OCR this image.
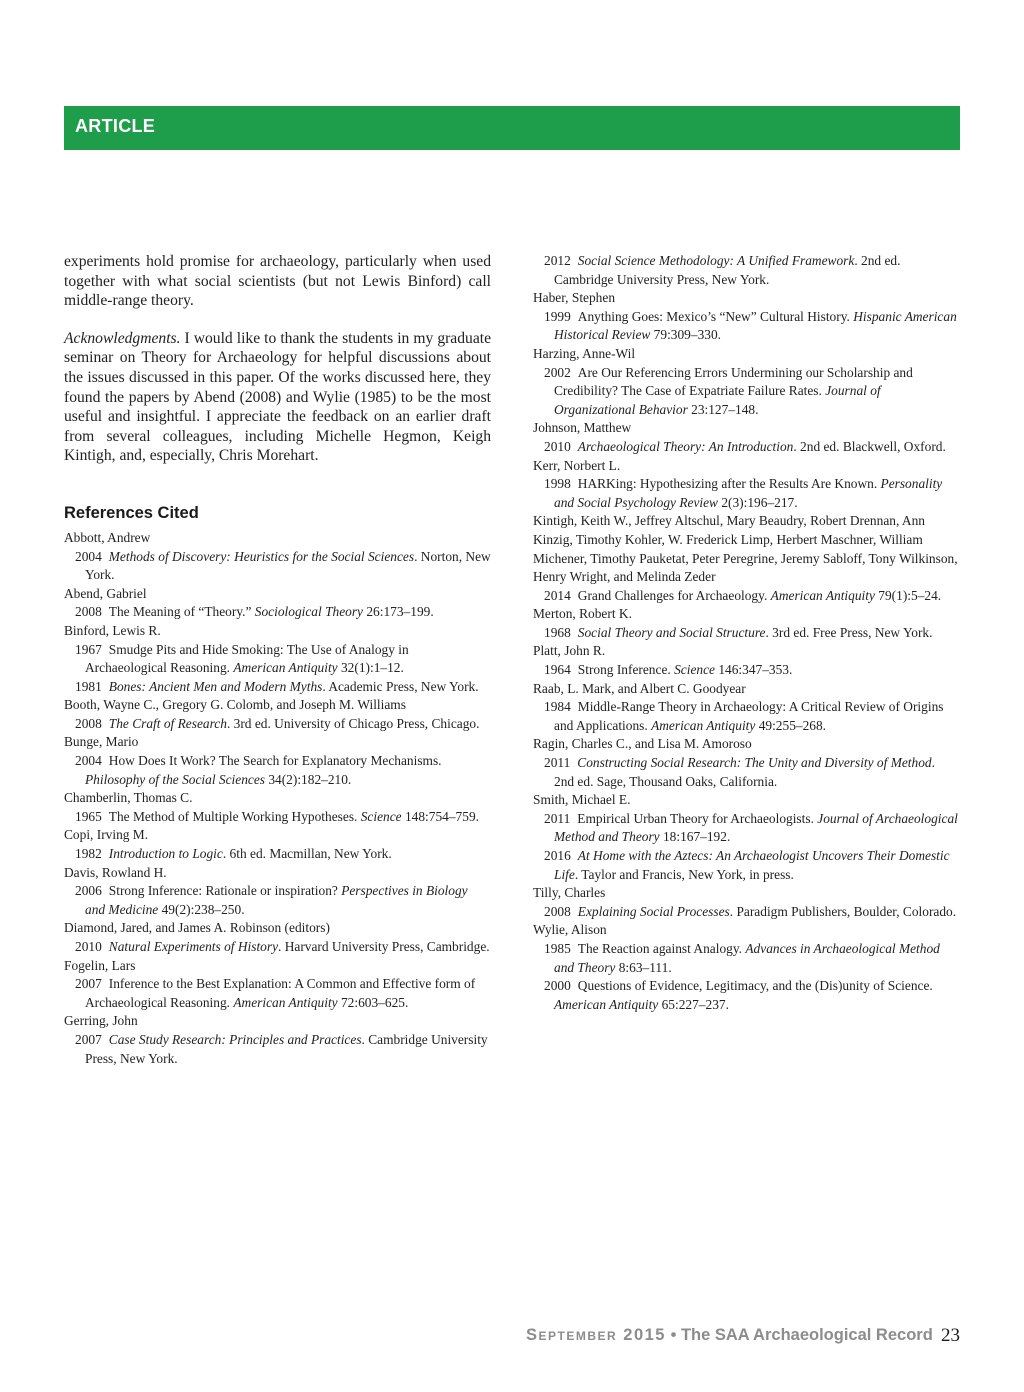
ARTICLE

experiments hold promise for archaeology, particularly when used together with what social scientists (but not Lewis Binford) call middle-range theory.

Acknowledgments. I would like to thank the students in my graduate seminar on Theory for Archaeology for helpful discussions about the issues discussed in this paper. Of the works discussed here, they found the papers by Abend (2008) and Wylie (1985) to be the most useful and insightful. I appreciate the feedback on an earlier draft from several colleagues, including Michelle Hegmon, Keigh Kintigh, and, especially, Chris Morehart.

References Cited
Abbott, Andrew
2004 Methods of Discovery: Heuristics for the Social Sciences. Norton, New York.
Abend, Gabriel
2008 The Meaning of “Theory.” Sociological Theory 26:173–199.
Binford, Lewis R.
1967 Smudge Pits and Hide Smoking: The Use of Analogy in Archaeological Reasoning. American Antiquity 32(1):1–12.
1981 Bones: Ancient Men and Modern Myths. Academic Press, New York.
Booth, Wayne C., Gregory G. Colomb, and Joseph M. Williams
2008 The Craft of Research. 3rd ed. University of Chicago Press, Chicago.
Bunge, Mario
2004 How Does It Work? The Search for Explanatory Mechanisms. Philosophy of the Social Sciences 34(2):182–210.
Chamberlin, Thomas C.
1965 The Method of Multiple Working Hypotheses. Science 148:754–759.
Copi, Irving M.
1982 Introduction to Logic. 6th ed. Macmillan, New York.
Davis, Rowland H.
2006 Strong Inference: Rationale or inspiration? Perspectives in Biology and Medicine 49(2):238–250.
Diamond, Jared, and James A. Robinson (editors)
2010 Natural Experiments of History. Harvard University Press, Cambridge.
Fogelin, Lars
2007 Inference to the Best Explanation: A Common and Effective form of Archaeological Reasoning. American Antiquity 72:603–625.
Gerring, John
2007 Case Study Research: Principles and Practices. Cambridge University Press, New York.
2012 Social Science Methodology: A Unified Framework. 2nd ed. Cambridge University Press, New York.
Haber, Stephen
1999 Anything Goes: Mexico’s “New” Cultural History. Hispanic American Historical Review 79:309–330.
Harzing, Anne-Wil
2002 Are Our Referencing Errors Undermining our Scholarship and Credibility? The Case of Expatriate Failure Rates. Journal of Organizational Behavior 23:127–148.
Johnson, Matthew
2010 Archaeological Theory: An Introduction. 2nd ed. Blackwell, Oxford.
Kerr, Norbert L.
1998 HARKing: Hypothesizing after the Results Are Known. Personality and Social Psychology Review 2(3):196–217.
Kintigh, Keith W., Jeffrey Altschul, Mary Beaudry, Robert Drennan, Ann Kinzig, Timothy Kohler, W. Frederick Limp, Herbert Maschner, William Michener, Timothy Pauketat, Peter Peregrine, Jeremy Sabloff, Tony Wilkinson, Henry Wright, and Melinda Zeder
2014 Grand Challenges for Archaeology. American Antiquity 79(1):5–24.
Merton, Robert K.
1968 Social Theory and Social Structure. 3rd ed. Free Press, New York.
Platt, John R.
1964 Strong Inference. Science 146:347–353.
Raab, L. Mark, and Albert C. Goodyear
1984 Middle-Range Theory in Archaeology: A Critical Review of Origins and Applications. American Antiquity 49:255–268.
Ragin, Charles C., and Lisa M. Amoroso
2011 Constructing Social Research: The Unity and Diversity of Method. 2nd ed. Sage, Thousand Oaks, California.
Smith, Michael E.
2011 Empirical Urban Theory for Archaeologists. Journal of Archaeological Method and Theory 18:167–192.
2016 At Home with the Aztecs: An Archaeologist Uncovers Their Domestic Life. Taylor and Francis, New York, in press.
Tilly, Charles
2008 Explaining Social Processes. Paradigm Publishers, Boulder, Colorado.
Wylie, Alison
1985 The Reaction against Analogy. Advances in Archaeological Method and Theory 8:63–111.
2000 Questions of Evidence, Legitimacy, and the (Dis)unity of Science. American Antiquity 65:227–237.
September 2015 • The SAA Archaeological Record 23
